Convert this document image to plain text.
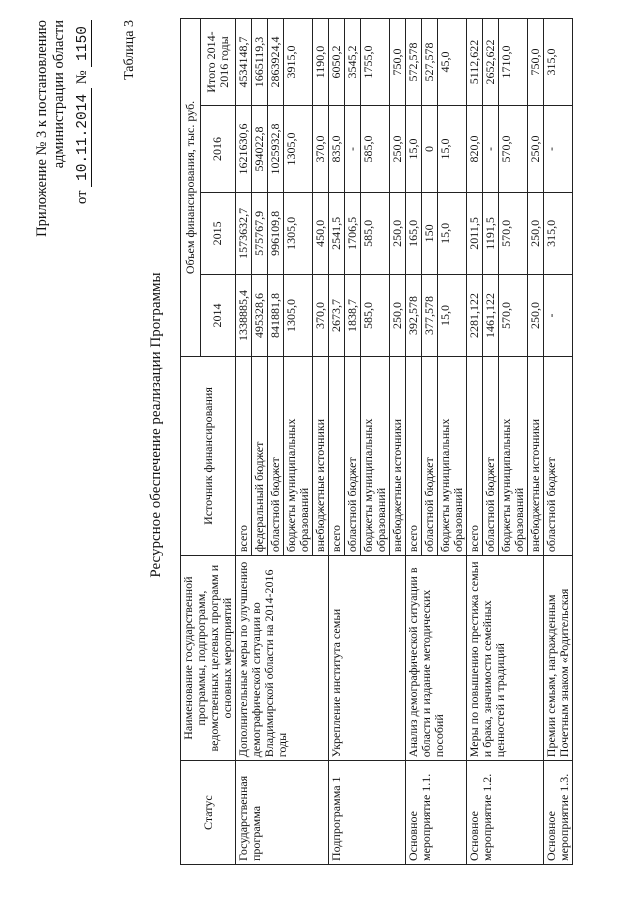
Приложение № 3 к постановлению администрации области
от 10.11.2014 № 1150 Таблица 3
Ресурсное обеспечение реализации Программы
Статус	Наименование государственной программы, подпрограмм, ведомственных целевых программ и основных мероприятий	Источник финансирования	Объем финансирования, тыс. руб.			
			2014	2015	2016	Итого 2014-2016 годы
Государственная программа	Дополнительные меры по улучшению демографической ситуации во Владимирской области на 2014-2016 годы	всего	1338885,4	1573632,7	1621630,6	4534148,7
		федеральный бюджет	495328,6	575767,9	594022,8	1665119,3
		областной бюджет	841881,8	996109,8	1025932,8	2863924,4
		бюджеты муниципальных образований	1305,0	1305,0	1305,0	3915,0
		внебюджетные источники	370,0	450,0	370,0	1190,0
Подпрограмма 1	Укрепление института семьи	всего	2673,7	2541,5	835,0	6050,2
		областной бюджет	1838,7	1706,5	-	3545,2
		бюджеты муниципальных образований	585,0	585,0	585,0	1755,0
		внебюджетные источники	250,0	250,0	250,0	750,0
Основное мероприятие 1.1.	Анализ демографической ситуации в области и издание методических пособий	всего	392,578	165,0	15,0	572,578
		областной бюджет	377,578	150	0	527,578
		бюджеты муниципальных образований	15,0	15,0	15,0	45,0
Основное мероприятие 1.2.	Меры по повышению престижа семьи и брака, значимости семейных ценностей и традиций	всего	2281,122	2011,5	820,0	5112,622
		областной бюджет	1461,122	1191,5	-	2652,622
		бюджеты муниципальных образований	570,0	570,0	570,0	1710,0
		внебюджетные источники	250,0	250,0	250,0	750,0
Основное мероприятие 1.3.	Премии семьям, награжденным Почетным знаком «Родительская	областной бюджет	-	315,0	-	315,0
